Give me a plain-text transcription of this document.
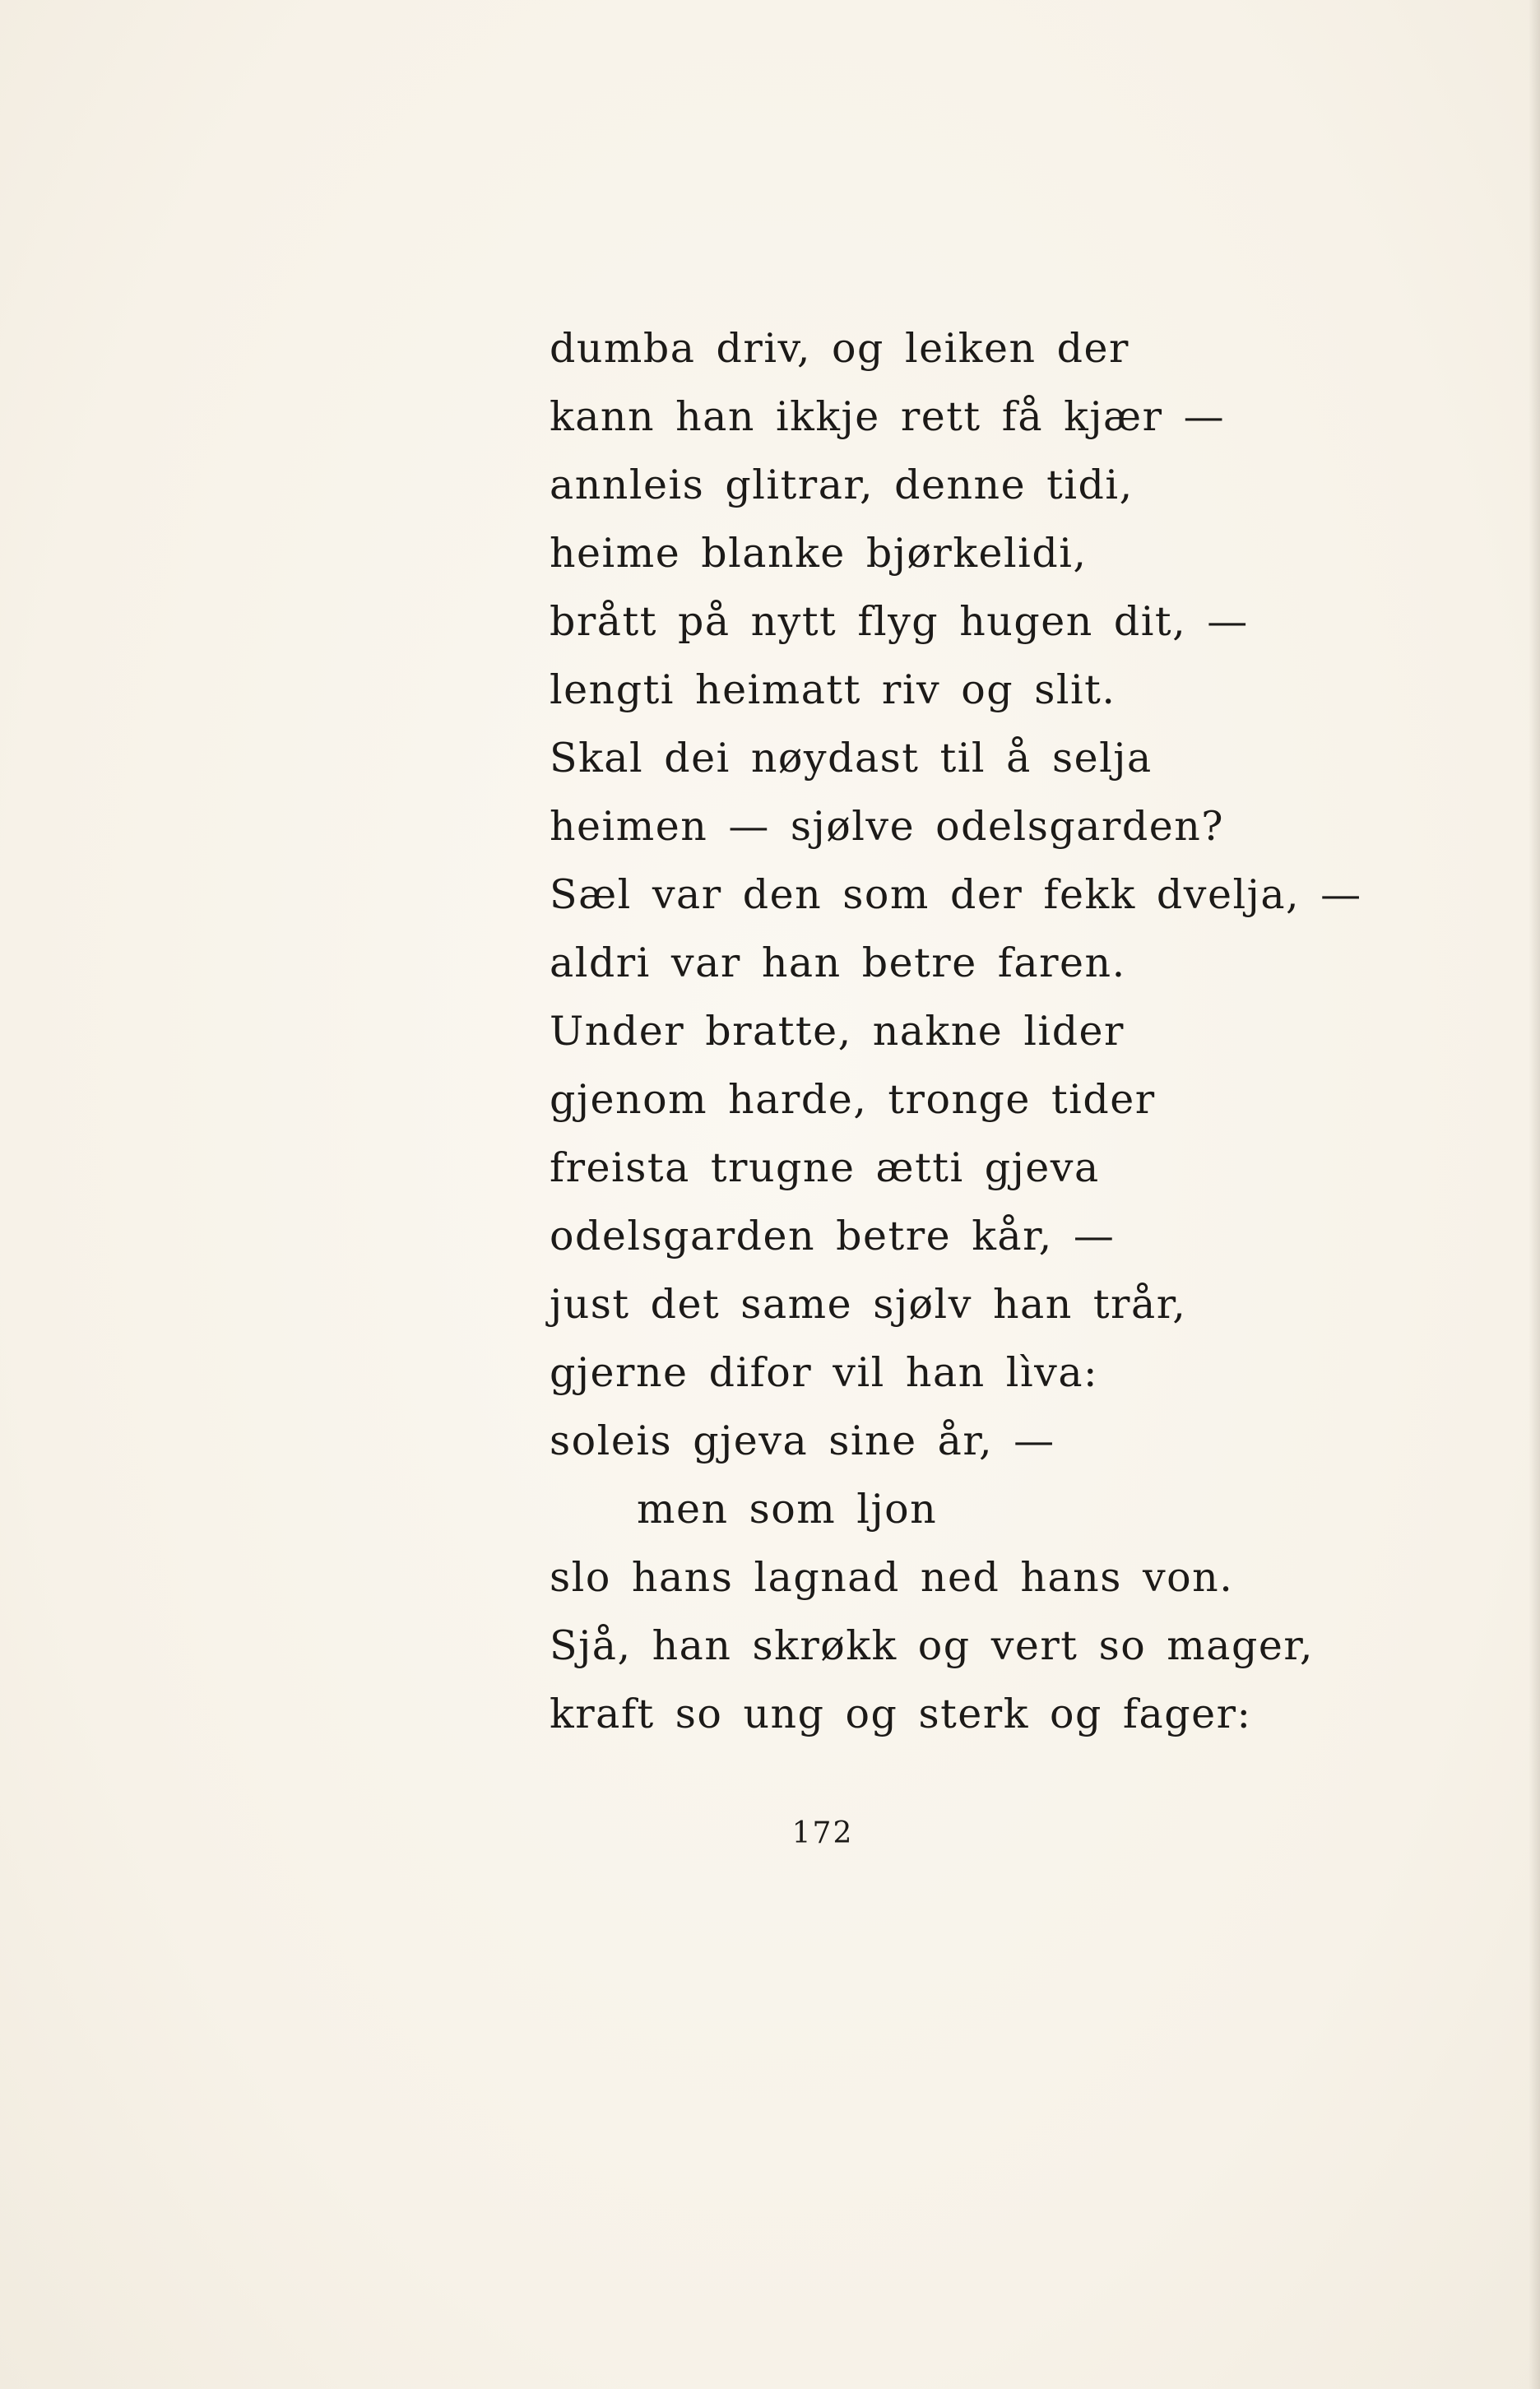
dumba driv, og leiken der
kann han ikkje rett få kjær —
annleis glitrar, denne tidi,
heime blanke bjørkelidi,
brått på nytt flyg hugen dit, —
lengti heimatt riv og slit.
Skal dei nøydast til å selja
heimen — sjølve odelsgarden?
Sæl var den som der fekk dvelja, —
aldri var han betre faren.
Under bratte, nakne lider
gjenom harde, tronge tider
freista trugne ætti gjeva
odelsgarden betre kår, —
just det same sjølv han trår,
gjerne difor vil han lìva:
soleis gjeva sine år, —
men som ljon
slo hans lagnad ned hans von.
Sjå, han skrøkk og vert so mager,
kraft so ung og sterk og fager:
172
